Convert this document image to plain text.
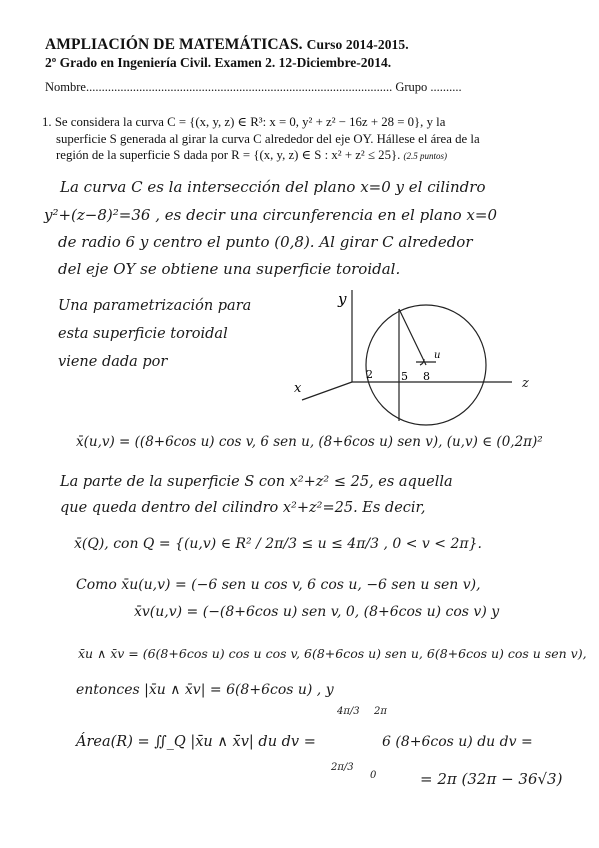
AMPLIACIÓN DE MATEMÁTICAS. Curso 2014-2015.
2º Grado en Ingeniería Civil. Examen 2. 12-Diciembre-2014.
Nombre.................................................................................................. Grupo ..........
1. Se considera la curva C = {(x, y, z) ∈ R³: x = 0, y² + z² − 16z + 28 = 0}, y la
superficie S generada al girar la curva C alrededor del eje OY. Hállese el área de la
región de la superficie S dada por R = {(x, y, z) ∈ S : x² + z² ≤ 25}. (2.5 puntos)
La curva C es la intersección del plano x=0 y el cilindro
y²+(z−8)²=36 , es decir una circunferencia en el plano x=0
de radio 6 y centro el punto (0,8). Al girar C alrededor
del eje OY se obtiene una superficie toroidal.
Una parametrización para
esta superficie toroidal
viene dada por
y
x
2	5 8
u
z
x̄(u,v) = ((8+6cos u) cos v, 6 sen u, (8+6cos u) sen v), (u,v) ∈ (0,2π)²
La parte de la superficie S con x²+z² ≤ 25, es aquella
que queda dentro del cilindro x²+z²=25. Es decir,
x̄(Q), con Q = {(u,v) ∈ R² / 2π/3 ≤ u ≤ 4π/3 , 0 < v < 2π}.
Como x̄u(u,v) = (−6 sen u cos v, 6 cos u, −6 sen u sen v),
x̄v(u,v) = (−(8+6cos u) sen v, 0, (8+6cos u) cos v) y
x̄u ∧ x̄v = (6(8+6cos u) cos u cos v, 6(8+6cos u) sen u, 6(8+6cos u) cos u sen v),
entonces |x̄u ∧ x̄v| = 6(8+6cos u) , y
Área(R) = ∬_Q |x̄u ∧ x̄v| du dv =
4π/3
2π/3
2π
0
6 (8+6cos u) du dv =
= 2π (32π − 36√3)
